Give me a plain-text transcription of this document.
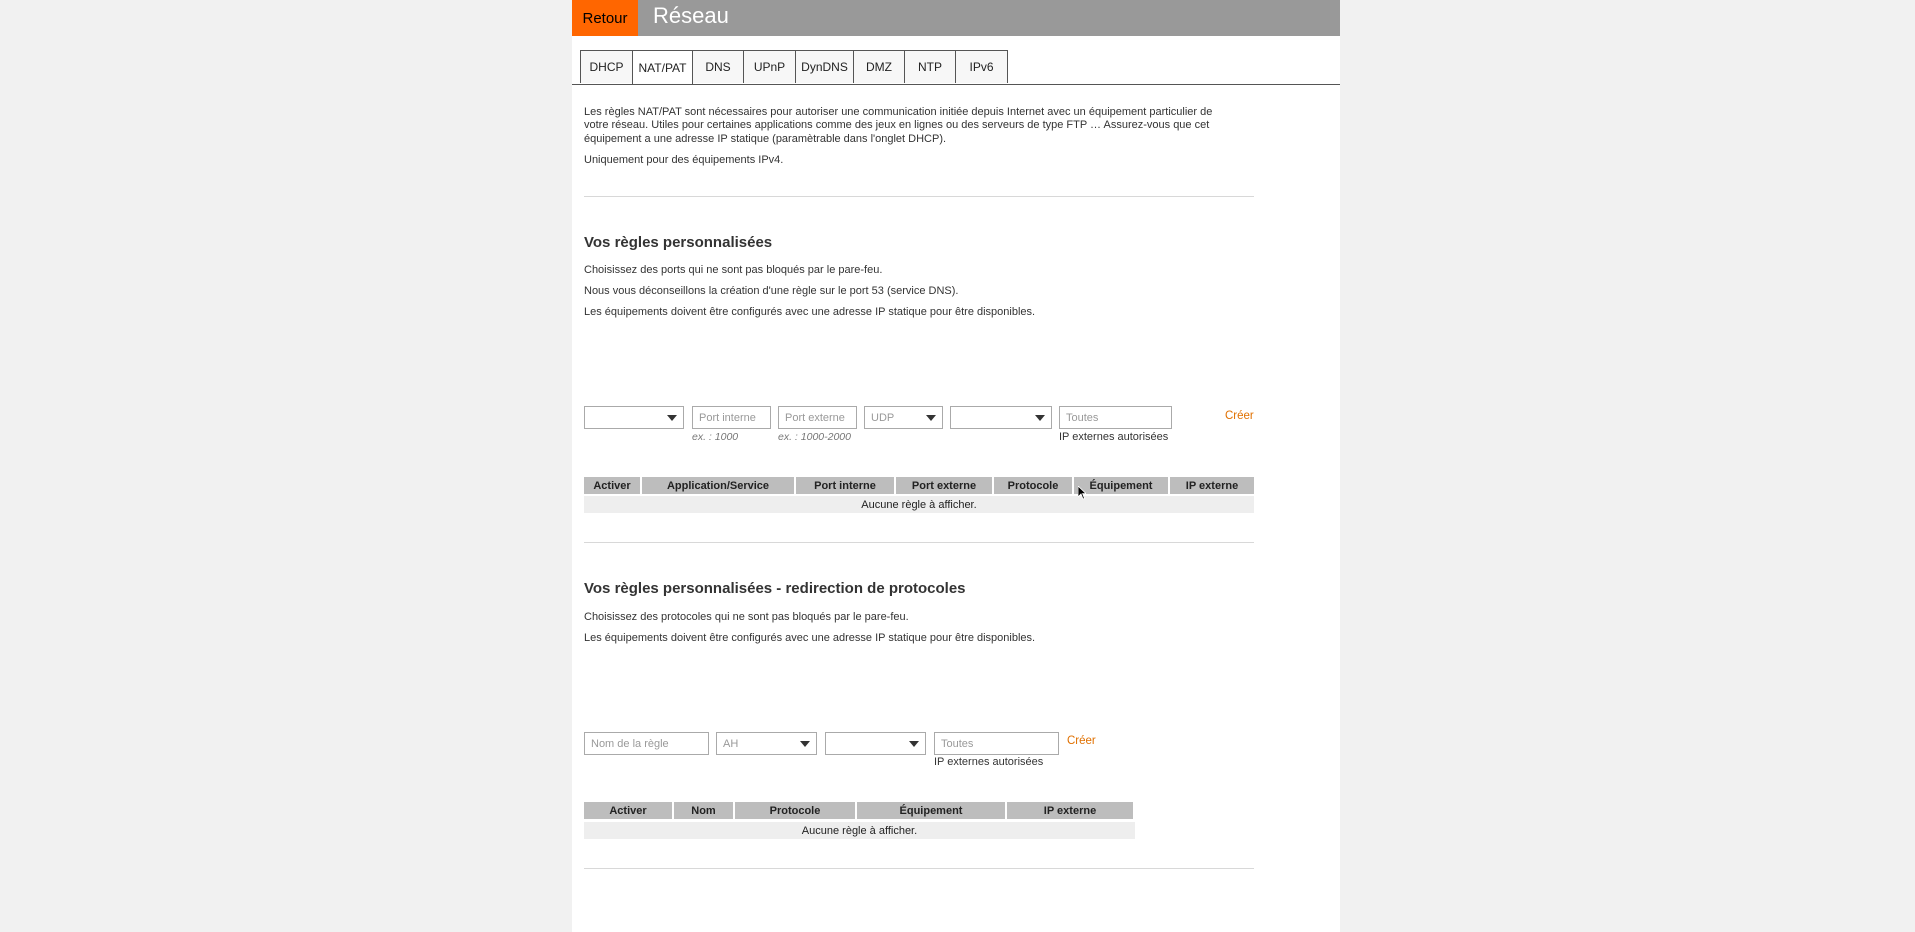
Retour	Réseau
DHCP	NAT/PAT	DNS	UPnP	DynDNS	DMZ	NTP	IPv6

Les règles NAT/PAT sont nécessaires pour autoriser une communication initiée depuis Internet avec un équipement particulier de

votre réseau. Utiles pour certaines applications comme des jeux en lignes ou des serveurs de type FTP … Assurez-vous que cet

équipement a une adresse IP statique (paramètrable dans l'onglet DHCP).

Uniquement pour des équipements IPv4.

Vos règles personnalisées

Choisissez des ports qui ne sont pas bloqués par le pare-feu.

Nous vous déconseillons la création d'une règle sur le port 53 (service DNS).

Les équipements doivent être configurés avec une adresse IP statique pour être disponibles.

Port interne
ex. : 1000
Port externe
ex. : 1000-2000
UDP	Toutes
IP externes autorisées
Créer
Activer	Application/Service	Port interne	Port externe	Protocole	Équipement	IP externe
Aucune règle à afficher.
Vos règles personnalisées - redirection de protocoles

Choisissez des protocoles qui ne sont pas bloqués par le pare-feu.

Les équipements doivent être configurés avec une adresse IP statique pour être disponibles.

Nom de la règle	AH	Toutes
IP externes autorisées
Créer
Activer	Nom	Protocole	Équipement	IP externe
Aucune règle à afficher.
